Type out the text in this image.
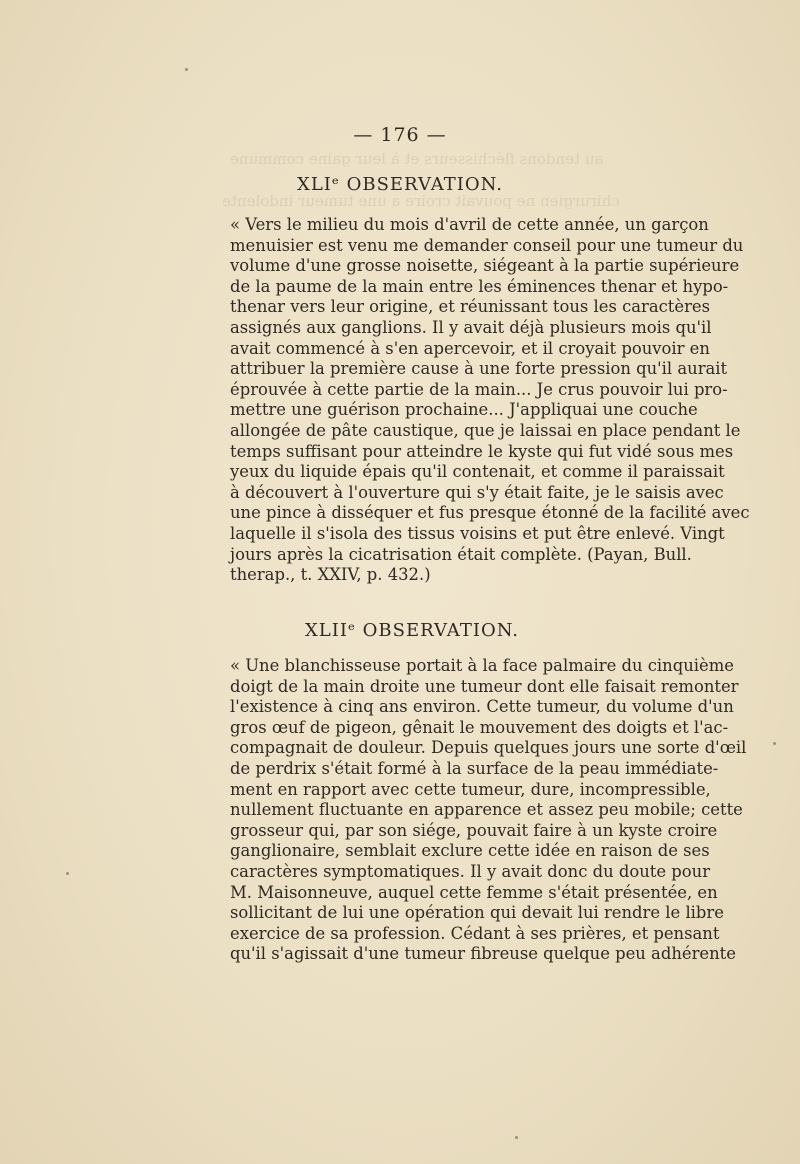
au tendons fléchisseurs et à leur gaine commune
chirurgien ne pouvait croire a une tumeur indolente
— 176 —
XLIᵉ OBSERVATION.
« Vers le milieu du mois d'avril de cette année, un garçon
menuisier est venu me demander conseil pour une tumeur du
volume d'une grosse noisette, siégeant à la partie supérieure
de la paume de la main entre les éminences thenar et hypo-
thenar vers leur origine, et réunissant tous les caractères
assignés aux ganglions. Il y avait déjà plusieurs mois qu'il
avait commencé à s'en apercevoir, et il croyait pouvoir en
attribuer la première cause à une forte pression qu'il aurait
éprouvée à cette partie de la main... Je crus pouvoir lui pro-
mettre une guérison prochaine... J'appliquai une couche
allongée de pâte caustique, que je laissai en place pendant le
temps suffisant pour atteindre le kyste qui fut vidé sous mes
yeux du liquide épais qu'il contenait, et comme il paraissait
à découvert à l'ouverture qui s'y était faite, je le saisis avec
une pince à disséquer et fus presque étonné de la facilité avec
laquelle il s'isola des tissus voisins et put être enlevé. Vingt
jours après la cicatrisation était complète. (Payan, Bull.
therap., t. XXIV, p. 432.)
XLIIᵉ OBSERVATION.
« Une blanchisseuse portait à la face palmaire du cinquième
doigt de la main droite une tumeur dont elle faisait remonter
l'existence à cinq ans environ. Cette tumeur, du volume d'un
gros œuf de pigeon, gênait le mouvement des doigts et l'ac-
compagnait de douleur. Depuis quelques jours une sorte d'œil
de perdrix s'était formé à la surface de la peau immédiate-
ment en rapport avec cette tumeur, dure, incompressible,
nullement fluctuante en apparence et assez peu mobile; cette
grosseur qui, par son siége, pouvait faire à un kyste croire
ganglionaire, semblait exclure cette idée en raison de ses
caractères symptomatiques. Il y avait donc du doute pour
M. Maisonneuve, auquel cette femme s'était présentée, en
sollicitant de lui une opération qui devait lui rendre le libre
exercice de sa profession. Cédant à ses prières, et pensant
qu'il s'agissait d'une tumeur fibreuse quelque peu adhérente
